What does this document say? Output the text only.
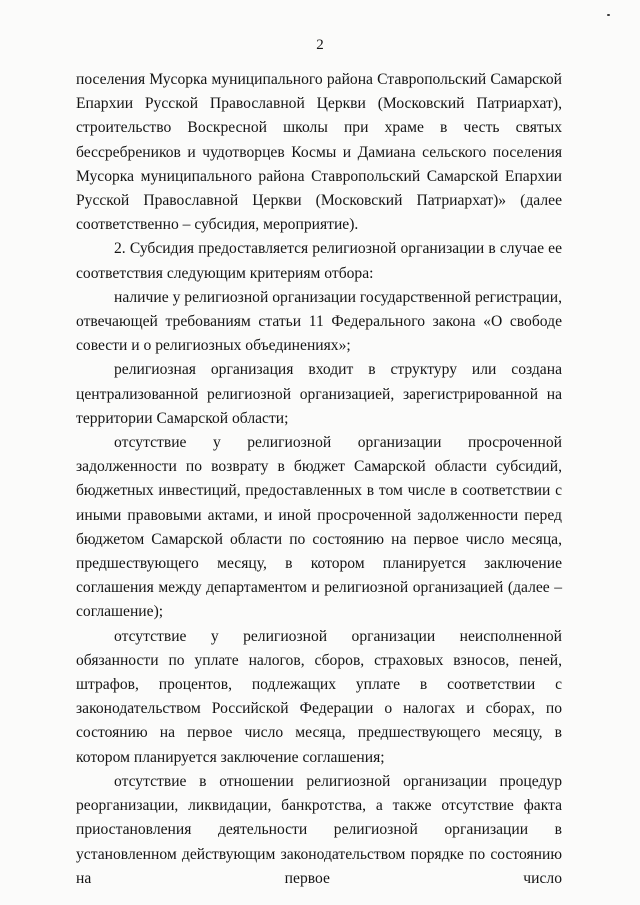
2

поселения Мусорка муниципального района Ставропольский Самарской Епархии Русской Православной Церкви (Московский Патриархат), строительство Воскресной школы при храме в честь святых бессребреников и чудотворцев Космы и Дамиана сельского поселения Мусорка муниципального района Ставропольский Самарской Епархии Русской Православной Церкви (Московский Патриархат)» (далее соответственно – субсидия, мероприятие).

2. Субсидия предоставляется религиозной организации в случае ее соответствия следующим критериям отбора:

наличие у религиозной организации государственной регистрации, отвечающей требованиям статьи 11 Федерального закона «О свободе совести и о религиозных объединениях»;

религиозная организация входит в структуру или создана централизованной религиозной организацией, зарегистрированной на территории Самарской области;

отсутствие у религиозной организации просроченной задолженности по возврату в бюджет Самарской области субсидий, бюджетных инвестиций, предоставленных в том числе в соответствии с иными правовыми актами, и иной просроченной задолженности перед бюджетом Самарской области по состоянию на первое число месяца, предшествующего месяцу, в котором планируется заключение соглашения между департаментом и религиозной организацией (далее – соглашение);

отсутствие у религиозной организации неисполненной обязанности по уплате налогов, сборов, страховых взносов, пеней, штрафов, процентов, подлежащих уплате в соответствии с законодательством Российской Федерации о налогах и сборах, по состоянию на первое число месяца, предшествующего месяцу, в котором планируется заключение соглашения;

отсутствие в отношении религиозной организации процедур реорганизации, ликвидации, банкротства, а также отсутствие факта приостановления деятельности религиозной организации в установленном действующим законодательством порядке по состоянию на первое число
